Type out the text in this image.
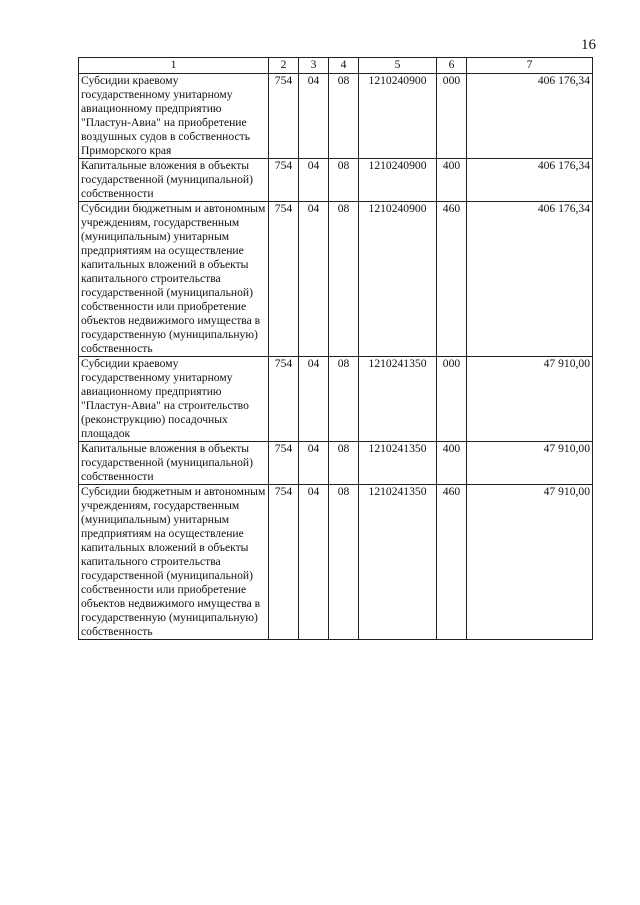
16
1	2	3	4	5	6	7
Субсидии краевому государственному унитарному авиационному предприятию "Пластун-Авиа" на приобретение воздушных судов в собственность Приморского края	754	04	08	1210240900	000	406 176,34
Капитальные вложения в объекты государственной (муниципальной) собственности	754	04	08	1210240900	400	406 176,34
Субсидии бюджетным и автономным учреждениям, государственным (муниципальным) унитарным предприятиям на осуществление капитальных вложений в объекты капитального строительства государственной (муниципальной) собственности или приобретение объектов недвижимого имущества в государственную (муниципальную) собственность	754	04	08	1210240900	460	406 176,34
Субсидии краевому государственному унитарному авиационному предприятию "Пластун-Авиа" на строительство (реконструкцию) посадочных площадок	754	04	08	1210241350	000	47 910,00
Капитальные вложения в объекты государственной (муниципальной) собственности	754	04	08	1210241350	400	47 910,00
Субсидии бюджетным и автономным учреждениям, государственным (муниципальным) унитарным предприятиям на осуществление капитальных вложений в объекты капитального строительства государственной (муниципальной) собственности или приобретение объектов недвижимого имущества в государственную (муниципальную) собственность	754	04	08	1210241350	460	47 910,00
